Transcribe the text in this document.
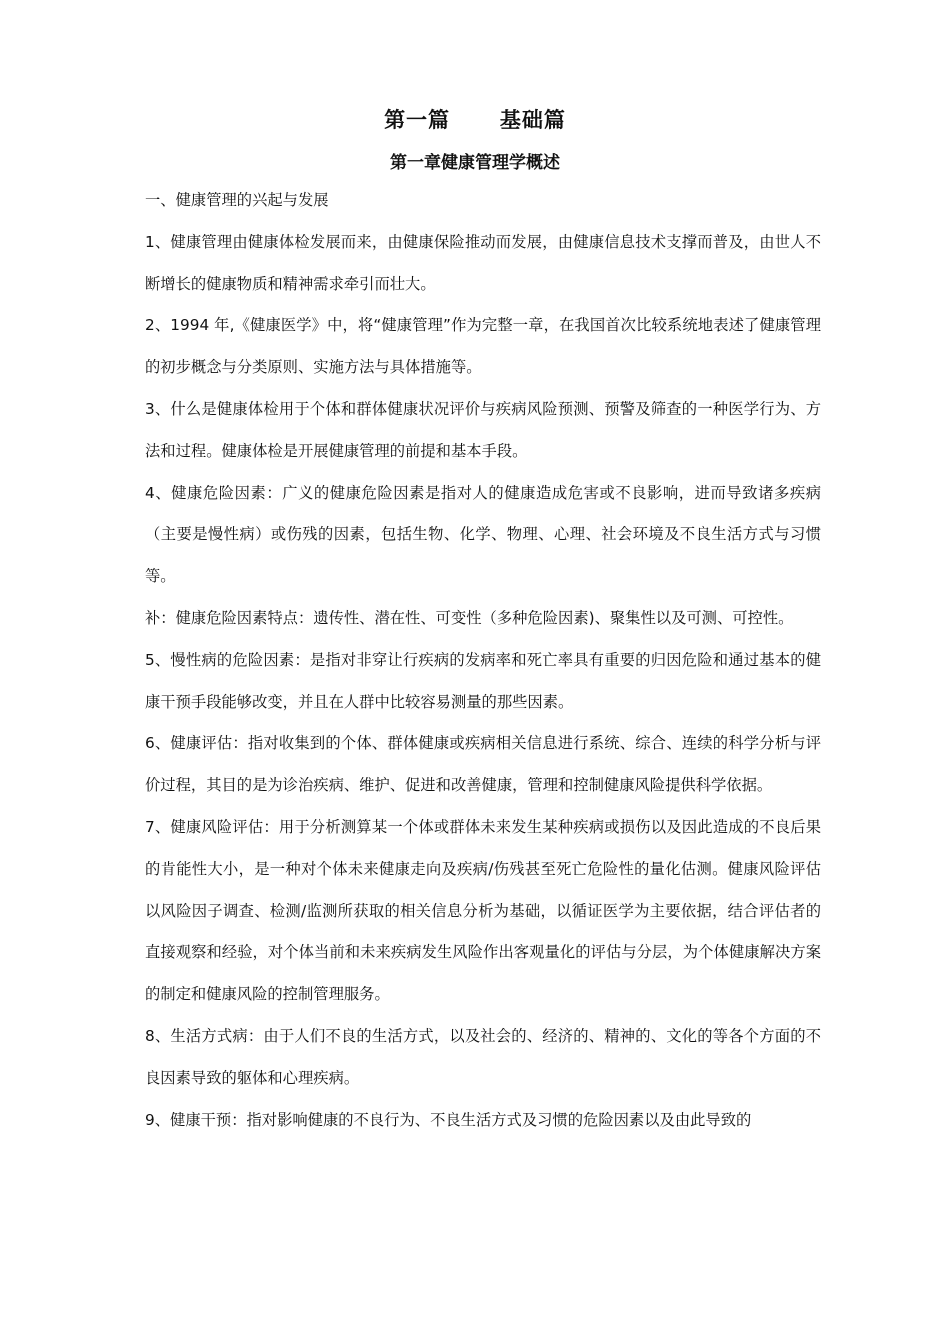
第一篇      基础篇
第一章健康管理学概述

一、健康管理的兴起与发展

1、健康管理由健康体检发展而来，由健康保险推动而发展，由健康信息技术支撑而普及，由世人不断增长的健康物质和精神需求牵引而壮大。

2、1994 年,《健康医学》中，将“健康管理”作为完整一章，在我国首次比较系统地表述了健康管理的初步概念与分类原则、实施方法与具体措施等。

3、什么是健康体检用于个体和群体健康状况评价与疾病风险预测、预警及筛查的一种医学行为、方法和过程。健康体检是开展健康管理的前提和基本手段。

4、健康危险因素：广义的健康危险因素是指对人的健康造成危害或不良影响，进而导致诸多疾病（主要是慢性病）或伤残的因素，包括生物、化学、物理、心理、社会环境及不良生活方式与习惯等。

补：健康危险因素特点：遗传性、潜在性、可变性（多种危险因素)、聚集性以及可测、可控性。

5、慢性病的危险因素：是指对非穿让行疾病的发病率和死亡率具有重要的归因危险和通过基本的健康干预手段能够改变，并且在人群中比较容易测量的那些因素。

6、健康评估：指对收集到的个体、群体健康或疾病相关信息进行系统、综合、连续的科学分析与评价过程，其目的是为诊治疾病、维护、促进和改善健康，管理和控制健康风险提供科学依据。

7、健康风险评估：用于分析测算某一个体或群体未来发生某种疾病或损伤以及因此造成的不良后果的肯能性大小，是一种对个体未来健康走向及疾病/伤残甚至死亡危险性的量化估测。健康风险评估以风险因子调查、检测/监测所获取的相关信息分析为基础，以循证医学为主要依据，结合评估者的直接观察和经验，对个体当前和未来疾病发生风险作出客观量化的评估与分层，为个体健康解决方案的制定和健康风险的控制管理服务。

8、生活方式病：由于人们不良的生活方式，以及社会的、经济的、精神的、文化的等各个方面的不良因素导致的躯体和心理疾病。

9、健康干预：指对影响健康的不良行为、不良生活方式及习惯的危险因素以及由此导致的
